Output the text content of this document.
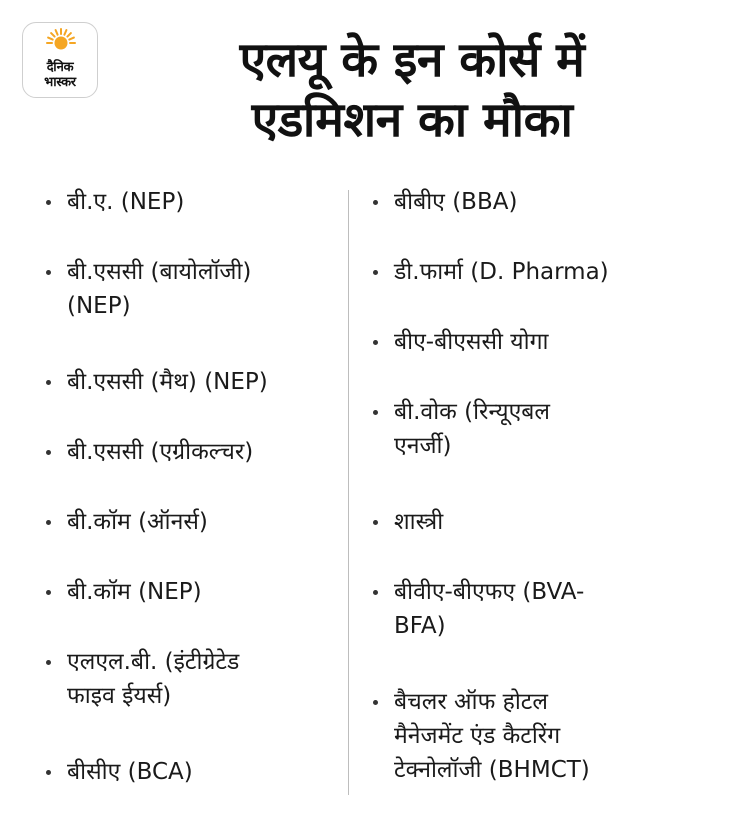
दैनिक
भास्कर	एलयू के इन कोर्स में
एडमिशन का मौका
बी.ए. (NEP)
बी.एससी (बायोलॉजी)
(NEP)
बी.एससी (मैथ) (NEP)
बी.एससी (एग्रीकल्चर)
बी.कॉम (ऑनर्स)
बी.कॉम (NEP)
एलएल.बी. (इंटीग्रेटेड
फाइव ईयर्स)
बीसीए (BCA)
बीबीए (BBA)
डी.फार्मा (D. Pharma)
बीए-बीएससी योगा
बी.वोक (रिन्यूएबल
एनर्जी)
शास्त्री
बीवीए-बीएफए (BVA-
BFA)
बैचलर ऑफ होटल
मैनेजमेंट एंड कैटरिंग
टेक्नोलॉजी (BHMCT)
